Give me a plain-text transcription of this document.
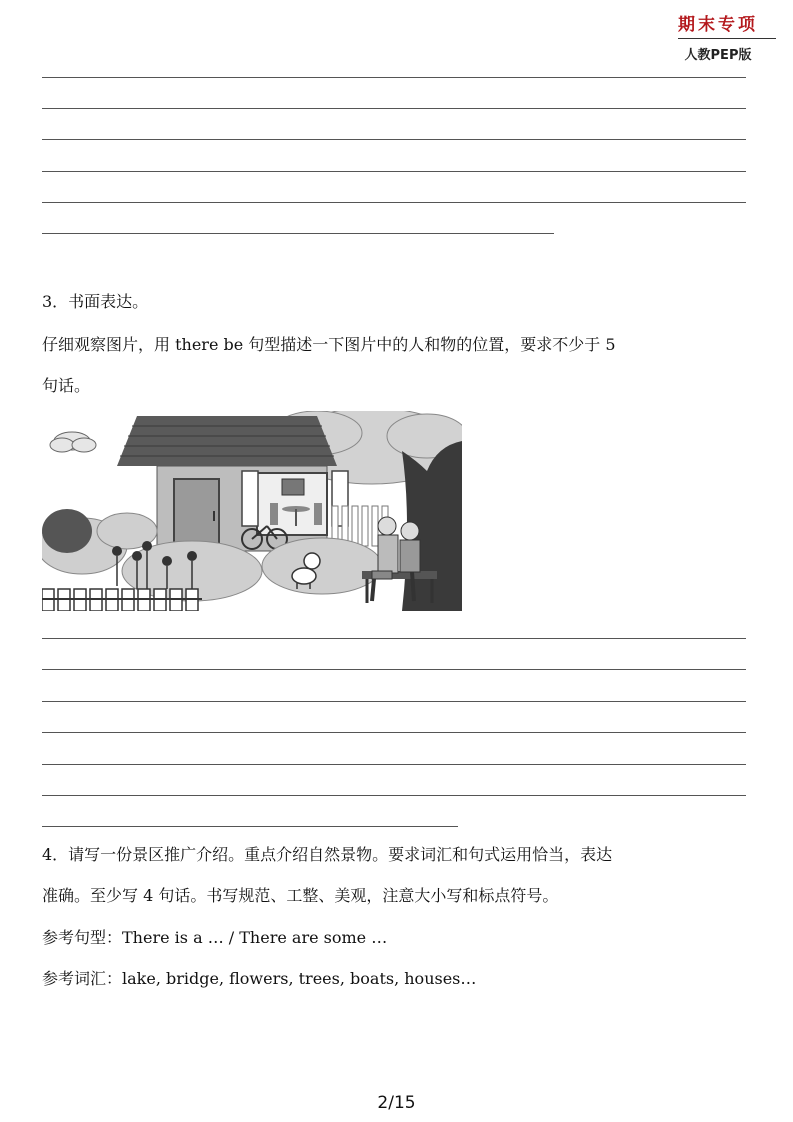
期末专项
人教PEP版
3．书面表达。
仔细观察图片，用 there be 句型描述一下图片中的人和物的位置，要求不少于 5
句话。
4．请写一份景区推广介绍。重点介绍自然景物。要求词汇和句式运用恰当，表达
准确。至少写 4 句话。书写规范、工整、美观，注意大小写和标点符号。
参考句型：There is a … / There are some …
参考词汇：lake, bridge, flowers, trees, boats, houses…
2/15
